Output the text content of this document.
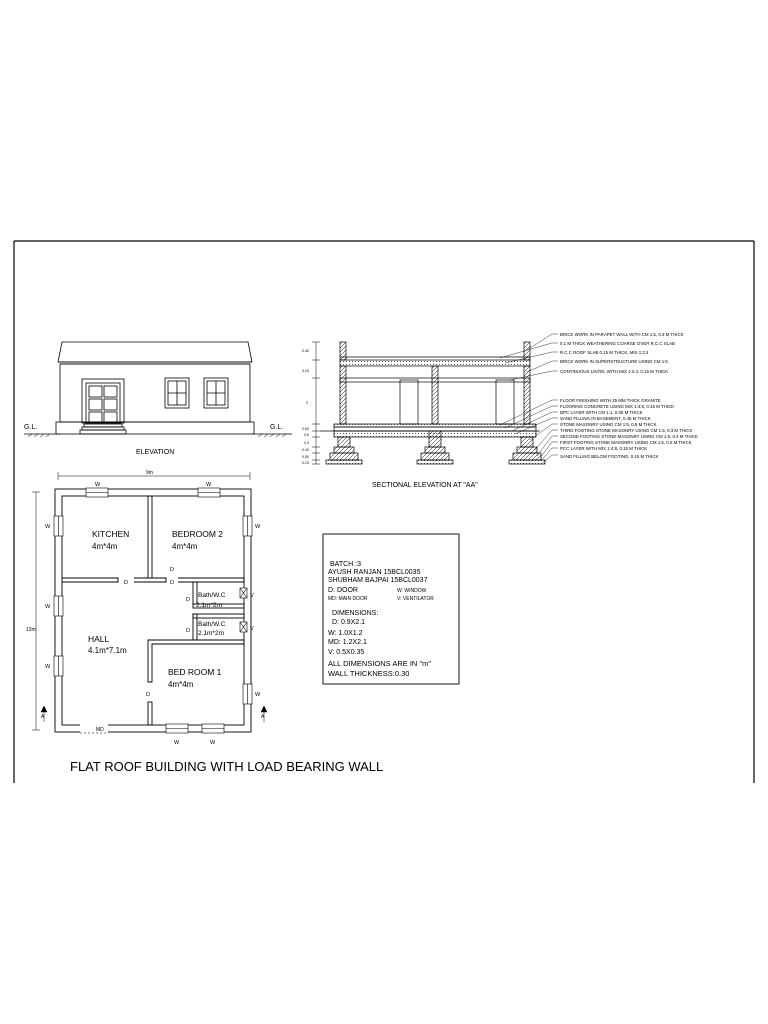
G.L.	G.L.
ELEVATION
0.45
3.15
2
0.60
0.5
0.3
0.40
0.50
0.15
BRICK WORK IN PARAPET WALL WITH CM 1:5, 0.3 M THICK
0.1 M THICK WEATHERING COARSE OVER R.C.C SLAB
R.C.C ROOF SLAB 0.15 M THICK, MIX 1:2:4
BRICK WORK IN SUPERSTRUCTURE USING CM 1:5
CONTINUOUS LINTEL WITH MIX 1:2:4, 0.15 M THICK
FLOOR FINISHING WITH 25 MM THICK GRANITE
FLOORING CONCRETE USING MIX 1:4:8, 0.15 M THICK
DPC LAYER WITH CM 1:1, 0.05 M THICK
SAND FILLING IN BASEMENT, 0.45 M THICK
STONE MASONRY USING CM 1:5, 0.5 M THICK
THIRD FOOTING STONE MASONRY USING CM 1:5, 0.3 M THICK
SECOND FOOTING STONE MASONRY USING CM 1:5, 0.4 M THICK
FIRST FOOTING STONE MASONRY USING CM 1:5, 0.5 M THICK
PCC LAYER WITH MIX 1:4:8, 0.15 M THICK
SAND FILLING BELOW FOOTING, 0.15 M THICK
SECTIONAL ELEVATION AT "AA"
9m
12m
A	A
W	W
W
W
W
W
W
W	W
D
D
D
D
D
D
V
V
MD
KITCHEN
4m*4m
BEDROOM 2
4m*4m
HALL
4.1m*7.1m
BED ROOM 1
4m*4m
Bath/W.C
2.1m*2m
Bath/W.C
2.1m*2m
BATCH :3
AYUSH RANJAN 15BCL0035
SHUBHAM BAJPAI 15BCL0037
D: DOOR	W: WINDOW
MD: MAIN DOOR	V: VENTILATOR
DIMENSIONS:
D: 0.9X2.1
W: 1.0X1.2
MD: 1.2X2.1
V: 0.5X0.35
ALL DIMENSIONS ARE IN "m"
WALL THICKNESS:0.30
FLAT ROOF BUILDING WITH LOAD BEARING WALL
